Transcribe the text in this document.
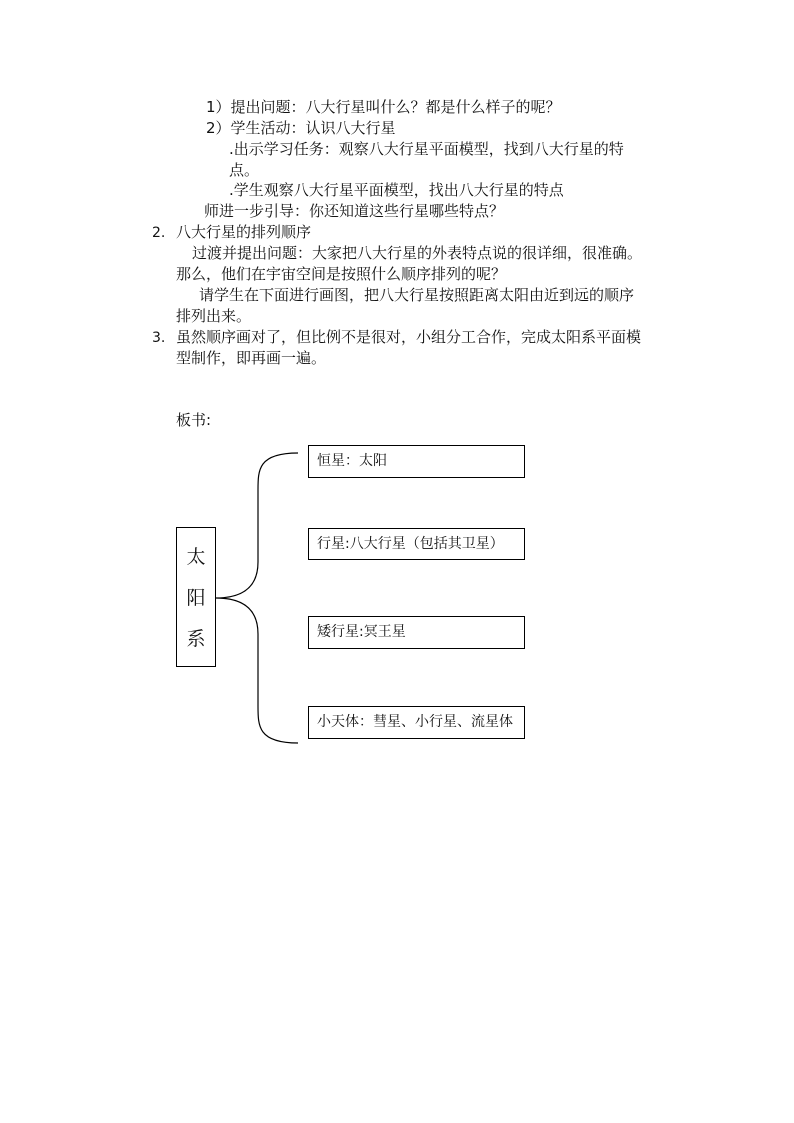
1）提出问题：八大行星叫什么？都是什么样子的呢？
2）学生活动：认识八大行星
.出示学习任务：观察八大行星平面模型，找到八大行星的特
点。
.学生观察八大行星平面模型，找出八大行星的特点
师进一步引导：你还知道这些行星哪些特点？
2. 八大行星的排列顺序
过渡并提出问题：大家把八大行星的外表特点说的很详细，很准确。
那么，他们在宇宙空间是按照什么顺序排列的呢？
请学生在下面进行画图，把八大行星按照距离太阳由近到远的顺序
排列出来。
3. 虽然顺序画对了，但比例不是很对，小组分工合作，完成太阳系平面模
型制作，即再画一遍。
板书:
太
阳
系
恒星：太阳
行星:八大行星（包括其卫星）
矮行星:冥王星
小天体：彗星、小行星、流星体
